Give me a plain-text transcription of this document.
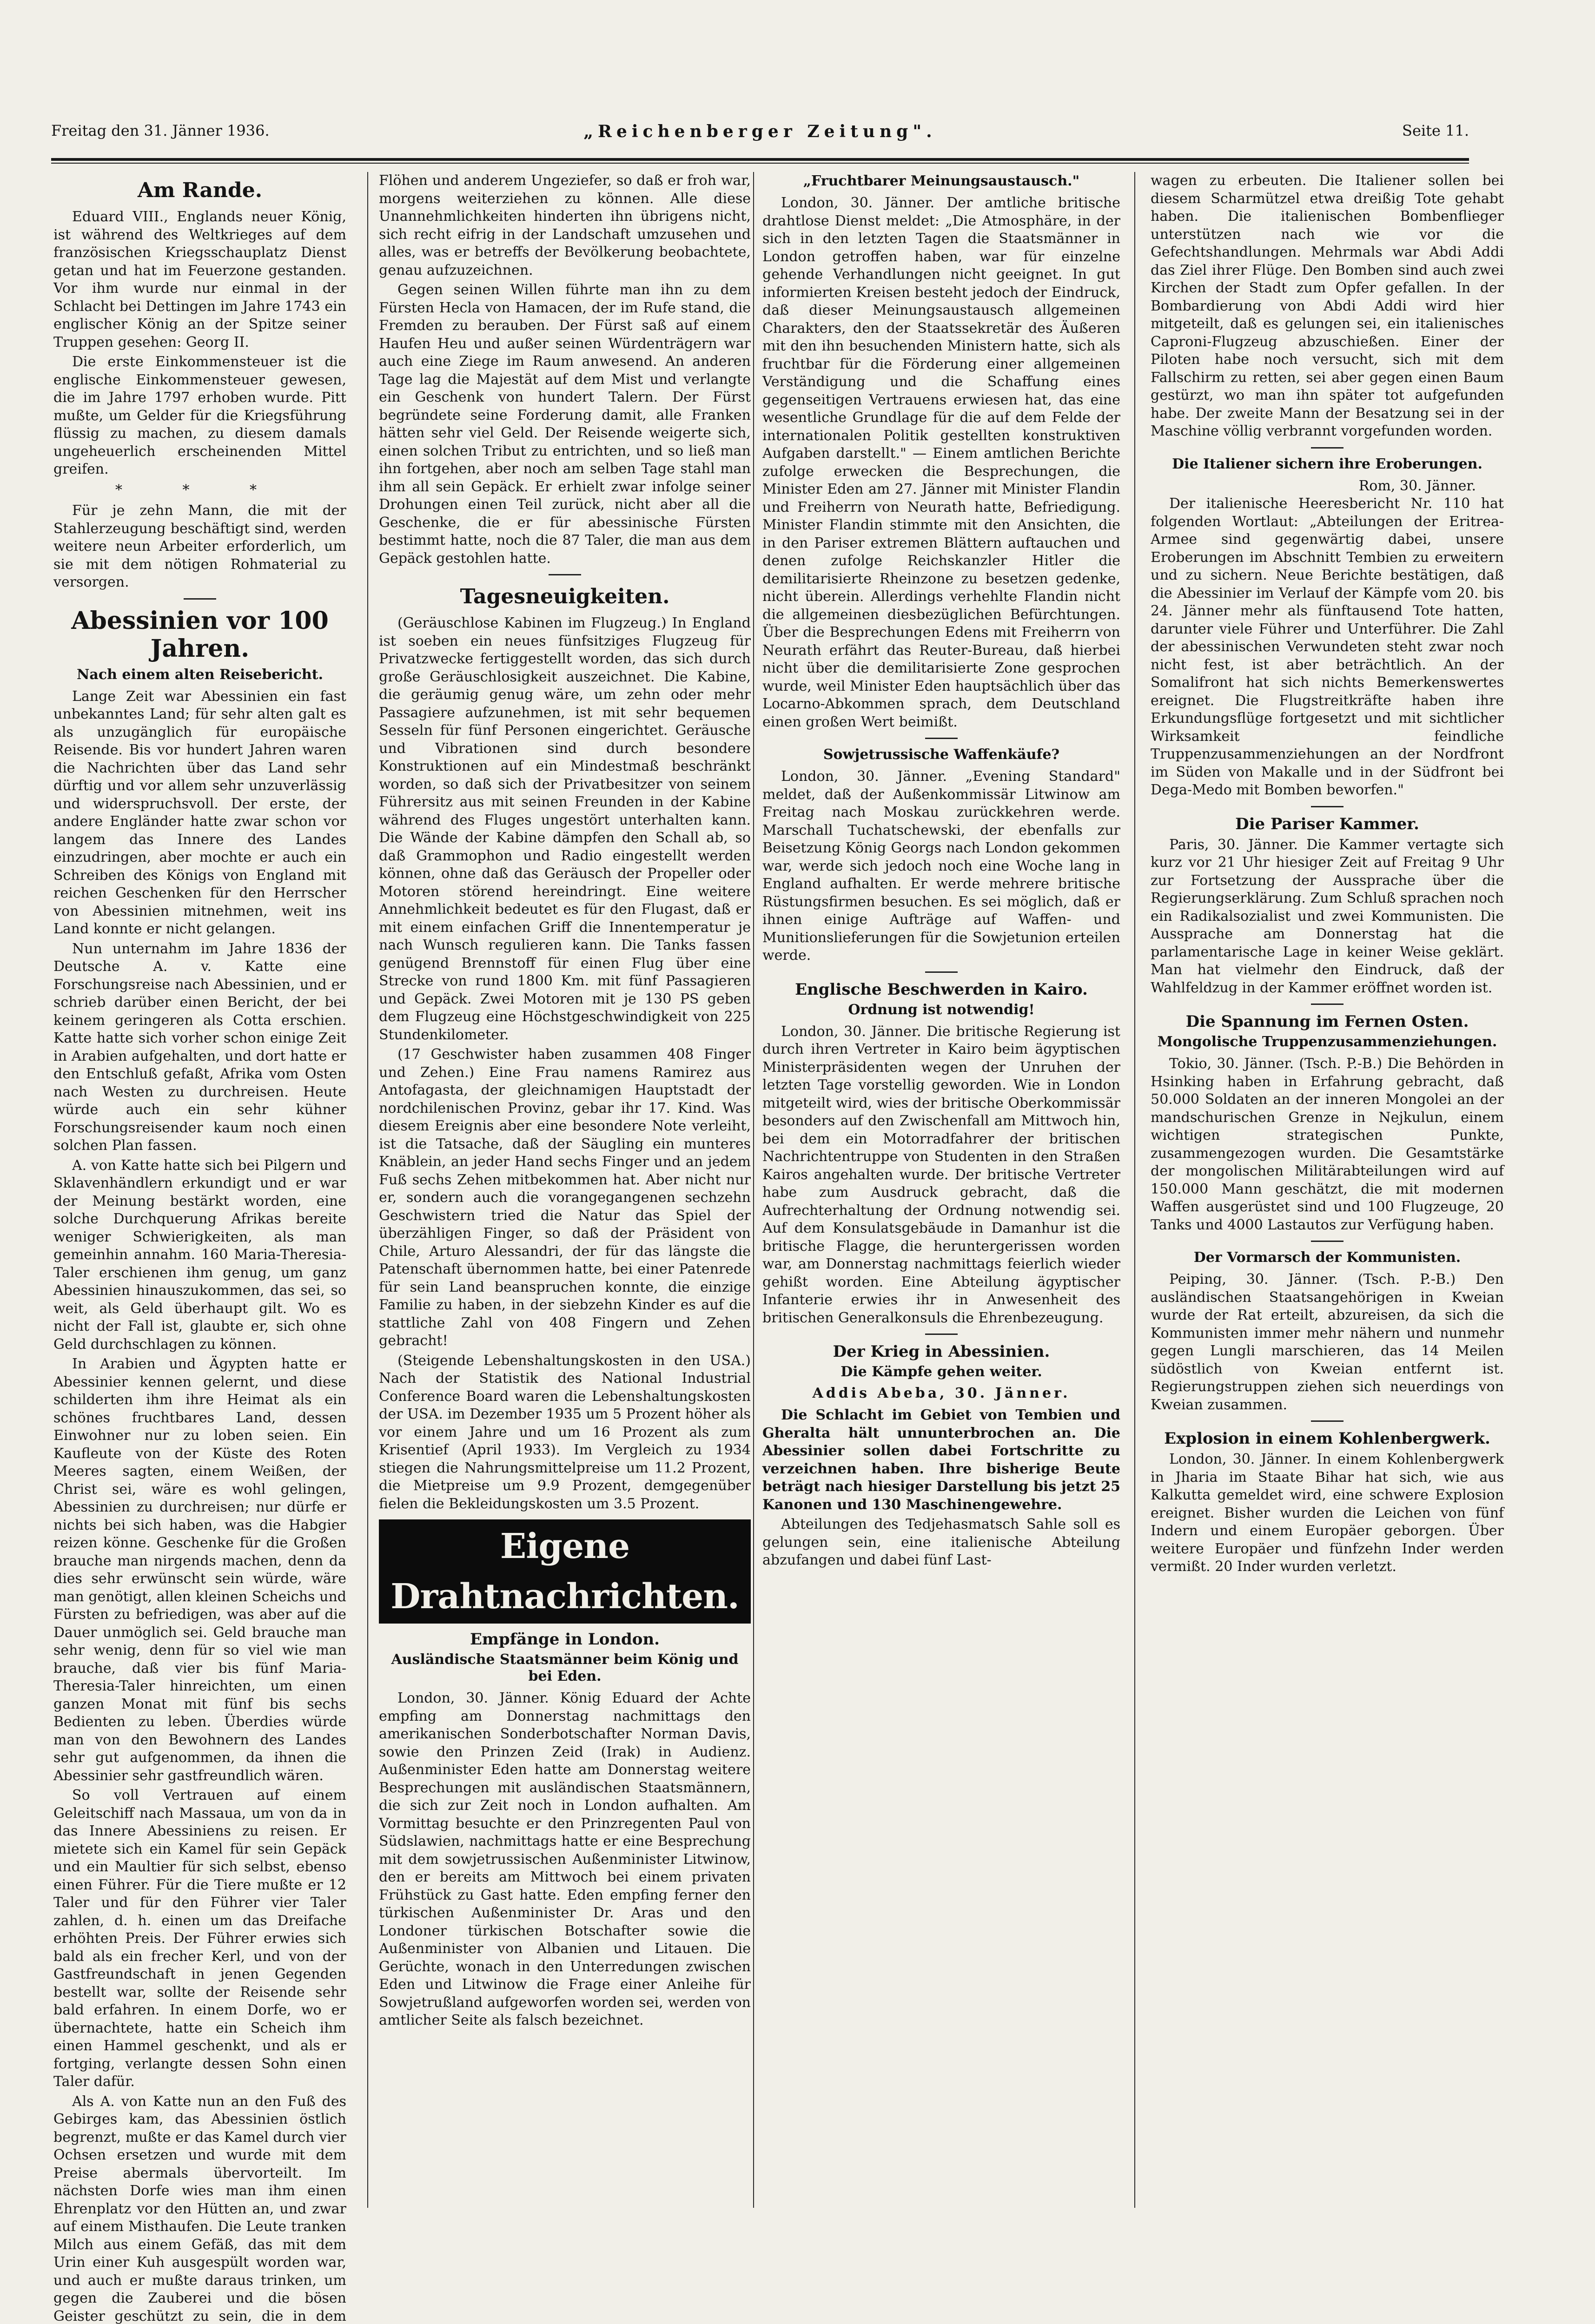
Freitag den 31. Jänner 1936.	„Reichenberger Zeitung".	Seite 11.
Am Rande.

Eduard VIII., Englands neuer König, ist während des Weltkrieges auf dem französischen Kriegsschauplatz Dienst getan und hat im Feuerzone gestanden. Vor ihm wurde nur einmal in der Schlacht bei Dettingen im Jahre 1743 ein englischer König an der Spitze seiner Truppen gesehen: Georg II.

Die erste Einkommensteuer ist die englische Einkommensteuer gewesen, die im Jahre 1797 erhoben wurde. Pitt mußte, um Gelder für die Kriegsführung flüssig zu machen, zu diesem damals ungeheuerlich erscheinenden Mittel greifen.

* * *

Für je zehn Mann, die mit der Stahlerzeugung beschäftigt sind, werden weitere neun Arbeiter erforderlich, um sie mit dem nötigen Rohmaterial zu versorgen.

Abessinien vor 100 Jahren.
Nach einem alten Reisebericht.

Lange Zeit war Abessinien ein fast unbekanntes Land; für sehr alten galt es als unzugänglich für europäische Reisende. Bis vor hundert Jahren waren die Nachrichten über das Land sehr dürftig und vor allem sehr unzuverlässig und widerspruchsvoll. Der erste, der andere Engländer hatte zwar schon vor langem das Innere des Landes einzudringen, aber mochte er auch ein Schreiben des Königs von England mit reichen Geschenken für den Herrscher von Abessinien mitnehmen, weit ins Land konnte er nicht gelangen.

Nun unternahm im Jahre 1836 der Deutsche A. v. Katte eine Forschungsreise nach Abessinien, und er schrieb darüber einen Bericht, der bei keinem geringeren als Cotta erschien. Katte hatte sich vorher schon einige Zeit in Arabien aufgehalten, und dort hatte er den Entschluß gefaßt, Afrika vom Osten nach Westen zu durchreisen. Heute würde auch ein sehr kühner Forschungsreisender kaum noch einen solchen Plan fassen.

A. von Katte hatte sich bei Pilgern und Sklavenhändlern erkundigt und er war der Meinung bestärkt worden, eine solche Durchquerung Afrikas bereite weniger Schwierigkeiten, als man gemeinhin annahm. 160 Maria-Theresia-Taler erschienen ihm genug, um ganz Abessinien hinauszukommen, das sei, so weit, als Geld überhaupt gilt. Wo es nicht der Fall ist, glaubte er, sich ohne Geld durchschlagen zu können.

In Arabien und Ägypten hatte er Abessinier kennen gelernt, und diese schilderten ihm ihre Heimat als ein schönes fruchtbares Land, dessen Einwohner nur zu loben seien. Ein Kaufleute von der Küste des Roten Meeres sagten, einem Weißen, der Christ sei, wäre es wohl gelingen, Abessinien zu durchreisen; nur dürfe er nichts bei sich haben, was die Habgier reizen könne. Geschenke für die Großen brauche man nirgends machen, denn da dies sehr erwünscht sein würde, wäre man genötigt, allen kleinen Scheichs und Fürsten zu befriedigen, was aber auf die Dauer unmöglich sei. Geld brauche man sehr wenig, denn für so viel wie man brauche, daß vier bis fünf Maria-Theresia-Taler hinreichten, um einen ganzen Monat mit fünf bis sechs Bedienten zu leben. Überdies würde man von den Bewohnern des Landes sehr gut aufgenommen, da ihnen die Abessinier sehr gastfreundlich wären.

So voll Vertrauen auf einem Geleitschiff nach Massaua, um von da in das Innere Abessiniens zu reisen. Er mietete sich ein Kamel für sein Gepäck und ein Maultier für sich selbst, ebenso einen Führer. Für die Tiere mußte er 12 Taler und für den Führer vier Taler zahlen, d. h. einen um das Dreifache erhöhten Preis. Der Führer erwies sich bald als ein frecher Kerl, und von der Gastfreundschaft in jenen Gegenden bestellt war, sollte der Reisende sehr bald erfahren. In einem Dorfe, wo er übernachtete, hatte ein Scheich ihm einen Hammel geschenkt, und als er fortging, verlangte dessen Sohn einen Taler dafür.

Als A. von Katte nun an den Fuß des Gebirges kam, das Abessinien östlich begrenzt, mußte er das Kamel durch vier Ochsen ersetzen und wurde mit dem Preise abermals übervorteilt. Im nächsten Dorfe wies man ihm einen Ehrenplatz vor den Hütten an, und zwar auf einem Misthaufen. Die Leute tranken Milch aus einem Gefäß, das mit dem Urin einer Kuh ausgespült worden war, und auch er mußte daraus trinken, um gegen die Zauberei und die bösen Geister geschützt zu sein, die in dem

Flöhen und anderem Ungeziefer, so daß er froh war, morgens weiterziehen zu können. Alle diese Unannehmlichkeiten hinderten ihn übrigens nicht, sich recht eifrig in der Landschaft umzusehen und alles, was er betreffs der Bevölkerung beobachtete, genau aufzuzeichnen.

Gegen seinen Willen führte man ihn zu dem Fürsten Hecla von Hamacen, der im Rufe stand, die Fremden zu berauben. Der Fürst saß auf einem Haufen Heu und außer seinen Würdenträgern war auch eine Ziege im Raum anwesend. An anderen Tage lag die Majestät auf dem Mist und verlangte ein Geschenk von hundert Talern. Der Fürst begründete seine Forderung damit, alle Franken hätten sehr viel Geld. Der Reisende weigerte sich, einen solchen Tribut zu entrichten, und so ließ man ihn fortgehen, aber noch am selben Tage stahl man ihm all sein Gepäck. Er erhielt zwar infolge seiner Drohungen einen Teil zurück, nicht aber all die Geschenke, die er für abessinische Fürsten bestimmt hatte, noch die 87 Taler, die man aus dem Gepäck gestohlen hatte.

Tagesneuigkeiten.

(Geräuschlose Kabinen im Flugzeug.) In England ist soeben ein neues fünfsitziges Flugzeug für Privatzwecke fertiggestellt worden, das sich durch große Geräuschlosigkeit auszeichnet. Die Kabine, die geräumig genug wäre, um zehn oder mehr Passagiere aufzunehmen, ist mit sehr bequemen Sesseln für fünf Personen eingerichtet. Geräusche und Vibrationen sind durch besondere Konstruktionen auf ein Mindestmaß beschränkt worden, so daß sich der Privatbesitzer von seinem Führersitz aus mit seinen Freunden in der Kabine während des Fluges ungestört unterhalten kann. Die Wände der Kabine dämpfen den Schall ab, so daß Grammophon und Radio eingestellt werden können, ohne daß das Geräusch der Propeller oder Motoren störend hereindringt. Eine weitere Annehmlichkeit bedeutet es für den Flugast, daß er mit einem einfachen Griff die Innentemperatur je nach Wunsch regulieren kann. Die Tanks fassen genügend Brennstoff für einen Flug über eine Strecke von rund 1800 Km. mit fünf Passagieren und Gepäck. Zwei Motoren mit je 130 PS geben dem Flugzeug eine Höchstgeschwindigkeit von 225 Stundenkilometer.

(17 Geschwister haben zusammen 408 Finger und Zehen.) Eine Frau namens Ramirez aus Antofagasta, der gleichnamigen Hauptstadt der nordchilenischen Provinz, gebar ihr 17. Kind. Was diesem Ereignis aber eine besondere Note verleiht, ist die Tatsache, daß der Säugling ein munteres Knäblein, an jeder Hand sechs Finger und an jedem Fuß sechs Zehen mitbekommen hat. Aber nicht nur er, sondern auch die vorangegangenen sechzehn Geschwistern tried die Natur das Spiel der überzähligen Finger, so daß der Präsident von Chile, Arturo Alessandri, der für das längste die Patenschaft übernommen hatte, bei einer Patenrede für sein Land beanspruchen konnte, die einzige Familie zu haben, in der siebzehn Kinder es auf die stattliche Zahl von 408 Fingern und Zehen gebracht!

(Steigende Lebenshaltungskosten in den USA.) Nach der Statistik des National Industrial Conference Board waren die Lebenshaltungskosten der USA. im Dezember 1935 um 5 Prozent höher als vor einem Jahre und um 16 Prozent als zum Krisentief (April 1933). Im Vergleich zu 1934 stiegen die Nahrungsmittelpreise um 11.2 Prozent, die Mietpreise um 9.9 Prozent, demgegenüber fielen die Bekleidungskosten um 3.5 Prozent.

Eigene Drahtnachrichten.
Empfänge in London.
Ausländische Staatsmänner beim König und bei Eden.

London, 30. Jänner. König Eduard der Achte empfing am Donnerstag nachmittags den amerikanischen Sonderbotschafter Norman Davis, sowie den Prinzen Zeid (Irak) in Audienz. Außenminister Eden hatte am Donnerstag weitere Besprechungen mit ausländischen Staatsmännern, die sich zur Zeit noch in London aufhalten. Am Vormittag besuchte er den Prinzregenten Paul von Südslawien, nachmittags hatte er eine Besprechung mit dem sowjetrussischen Außenminister Litwinow, den er bereits am Mittwoch bei einem privaten Frühstück zu Gast hatte. Eden empfing ferner den türkischen Außenminister Dr. Aras und den Londoner türkischen Botschafter sowie die Außenminister von Albanien und Litauen. Die Gerüchte, wonach in den Unterredungen zwischen Eden und Litwinow die Frage einer Anleihe für Sowjetrußland aufgeworfen worden sei, werden von amtlicher Seite als falsch bezeichnet.

„Fruchtbarer Meinungsaustausch."

London, 30. Jänner. Der amtliche britische drahtlose Dienst meldet: „Die Atmosphäre, in der sich in den letzten Tagen die Staatsmänner in London getroffen haben, war für einzelne gehende Verhandlungen nicht geeignet. In gut informierten Kreisen besteht jedoch der Eindruck, daß dieser Meinungsaustausch allgemeinen Charakters, den der Staatssekretär des Äußeren mit den ihn besuchenden Ministern hatte, sich als fruchtbar für die Förderung einer allgemeinen Verständigung und die Schaffung eines gegenseitigen Vertrauens erwiesen hat, das eine wesentliche Grundlage für die auf dem Felde der internationalen Politik gestellten konstruktiven Aufgaben darstellt." — Einem amtlichen Berichte zufolge erwecken die Besprechungen, die Minister Eden am 27. Jänner mit Minister Flandin und Freiherrn von Neurath hatte, Befriedigung. Minister Flandin stimmte mit den Ansichten, die in den Pariser extremen Blättern auftauchen und denen zufolge Reichskanzler Hitler die demilitarisierte Rheinzone zu besetzen gedenke, nicht überein. Allerdings verhehlte Flandin nicht die allgemeinen diesbezüglichen Befürchtungen. Über die Besprechungen Edens mit Freiherrn von Neurath erfährt das Reuter-Bureau, daß hierbei nicht über die demilitarisierte Zone gesprochen wurde, weil Minister Eden hauptsächlich über das Locarno-Abkommen sprach, dem Deutschland einen großen Wert beimißt.

Sowjetrussische Waffenkäufe?

London, 30. Jänner. „Evening Standard" meldet, daß der Außenkommissär Litwinow am Freitag nach Moskau zurückkehren werde. Marschall Tuchatschewski, der ebenfalls zur Beisetzung König Georgs nach London gekommen war, werde sich jedoch noch eine Woche lang in England aufhalten. Er werde mehrere britische Rüstungsfirmen besuchen. Es sei möglich, daß er ihnen einige Aufträge auf Waffen- und Munitionslieferungen für die Sowjetunion erteilen werde.

Englische Beschwerden in Kairo.
Ordnung ist notwendig!

London, 30. Jänner. Die britische Regierung ist durch ihren Vertreter in Kairo beim ägyptischen Ministerpräsidenten wegen der Unruhen der letzten Tage vorstellig geworden. Wie in London mitgeteilt wird, wies der britische Oberkommissär besonders auf den Zwischenfall am Mittwoch hin, bei dem ein Motorradfahrer der britischen Nachrichtentruppe von Studenten in den Straßen Kairos angehalten wurde. Der britische Vertreter habe zum Ausdruck gebracht, daß die Aufrechterhaltung der Ordnung notwendig sei. Auf dem Konsulatsgebäude in Damanhur ist die britische Flagge, die heruntergerissen worden war, am Donnerstag nachmittags feierlich wieder gehißt worden. Eine Abteilung ägyptischer Infanterie erwies ihr in Anwesenheit des britischen Generalkonsuls die Ehrenbezeugung.

Der Krieg in Abessinien.
Die Kämpfe gehen weiter.
Addis Abeba, 30. Jänner.

Die Schlacht im Gebiet von Tembien und Gheralta hält unnunterbrochen an. Die Abessinier sollen dabei Fortschritte zu verzeichnen haben. Ihre bisherige Beute beträgt nach hiesiger Darstellung bis jetzt 25 Kanonen und 130 Maschinengewehre.

Abteilungen des Tedjehasmatsch Sahle soll es gelungen sein, eine italienische Abteilung abzufangen und dabei fünf Last-

wagen zu erbeuten. Die Italiener sollen bei diesem Scharmützel etwa dreißig Tote gehabt haben. Die italienischen Bombenflieger unterstützen nach wie vor die Gefechtshandlungen. Mehrmals war Abdi Addi das Ziel ihrer Flüge. Den Bomben sind auch zwei Kirchen der Stadt zum Opfer gefallen. In der Bombardierung von Abdi Addi wird hier mitgeteilt, daß es gelungen sei, ein italienisches Caproni-Flugzeug abzuschießen. Einer der Piloten habe noch versucht, sich mit dem Fallschirm zu retten, sei aber gegen einen Baum gestürzt, wo man ihn später tot aufgefunden habe. Der zweite Mann der Besatzung sei in der Maschine völlig verbrannt vorgefunden worden.

Die Italiener sichern ihre Eroberungen.
Rom, 30. Jänner.

Der italienische Heeresbericht Nr. 110 hat folgenden Wortlaut: „Abteilungen der Eritrea-Armee sind gegenwärtig dabei, unsere Eroberungen im Abschnitt Tembien zu erweitern und zu sichern. Neue Berichte bestätigen, daß die Abessinier im Verlauf der Kämpfe vom 20. bis 24. Jänner mehr als fünftausend Tote hatten, darunter viele Führer und Unterführer. Die Zahl der abessinischen Verwundeten steht zwar noch nicht fest, ist aber beträchtlich. An der Somalifront hat sich nichts Bemerkenswertes ereignet. Die Flugstreitkräfte haben ihre Erkundungsflüge fortgesetzt und mit sichtlicher Wirksamkeit feindliche Truppenzusammenziehungen an der Nordfront im Süden von Makalle und in der Südfront bei Dega-Medo mit Bomben beworfen."

Die Pariser Kammer.

Paris, 30. Jänner. Die Kammer vertagte sich kurz vor 21 Uhr hiesiger Zeit auf Freitag 9 Uhr zur Fortsetzung der Aussprache über die Regierungserklärung. Zum Schluß sprachen noch ein Radikalsozialist und zwei Kommunisten. Die Aussprache am Donnerstag hat die parlamentarische Lage in keiner Weise geklärt. Man hat vielmehr den Eindruck, daß der Wahlfeldzug in der Kammer eröffnet worden ist.

Die Spannung im Fernen Osten.
Mongolische Truppenzusammenziehungen.

Tokio, 30. Jänner. (Tsch. P.-B.) Die Behörden in Hsinking haben in Erfahrung gebracht, daß 50.000 Soldaten an der inneren Mongolei an der mandschurischen Grenze in Nejkulun, einem wichtigen strategischen Punkte, zusammengezogen wurden. Die Gesamtstärke der mongolischen Militärabteilungen wird auf 150.000 Mann geschätzt, die mit modernen Waffen ausgerüstet sind und 100 Flugzeuge, 20 Tanks und 4000 Lastautos zur Verfügung haben.

Der Vormarsch der Kommunisten.

Peiping, 30. Jänner. (Tsch. P.-B.) Den ausländischen Staatsangehörigen in Kweian wurde der Rat erteilt, abzureisen, da sich die Kommunisten immer mehr nähern und nunmehr gegen Lungli marschieren, das 14 Meilen südöstlich von Kweian entfernt ist. Regierungstruppen ziehen sich neuerdings von Kweian zusammen.

Explosion in einem Kohlenbergwerk.

London, 30. Jänner. In einem Kohlenbergwerk in Jharia im Staate Bihar hat sich, wie aus Kalkutta gemeldet wird, eine schwere Explosion ereignet. Bisher wurden die Leichen von fünf Indern und einem Europäer geborgen. Über weitere Europäer und fünfzehn Inder werden vermißt. 20 Inder wurden verletzt.
